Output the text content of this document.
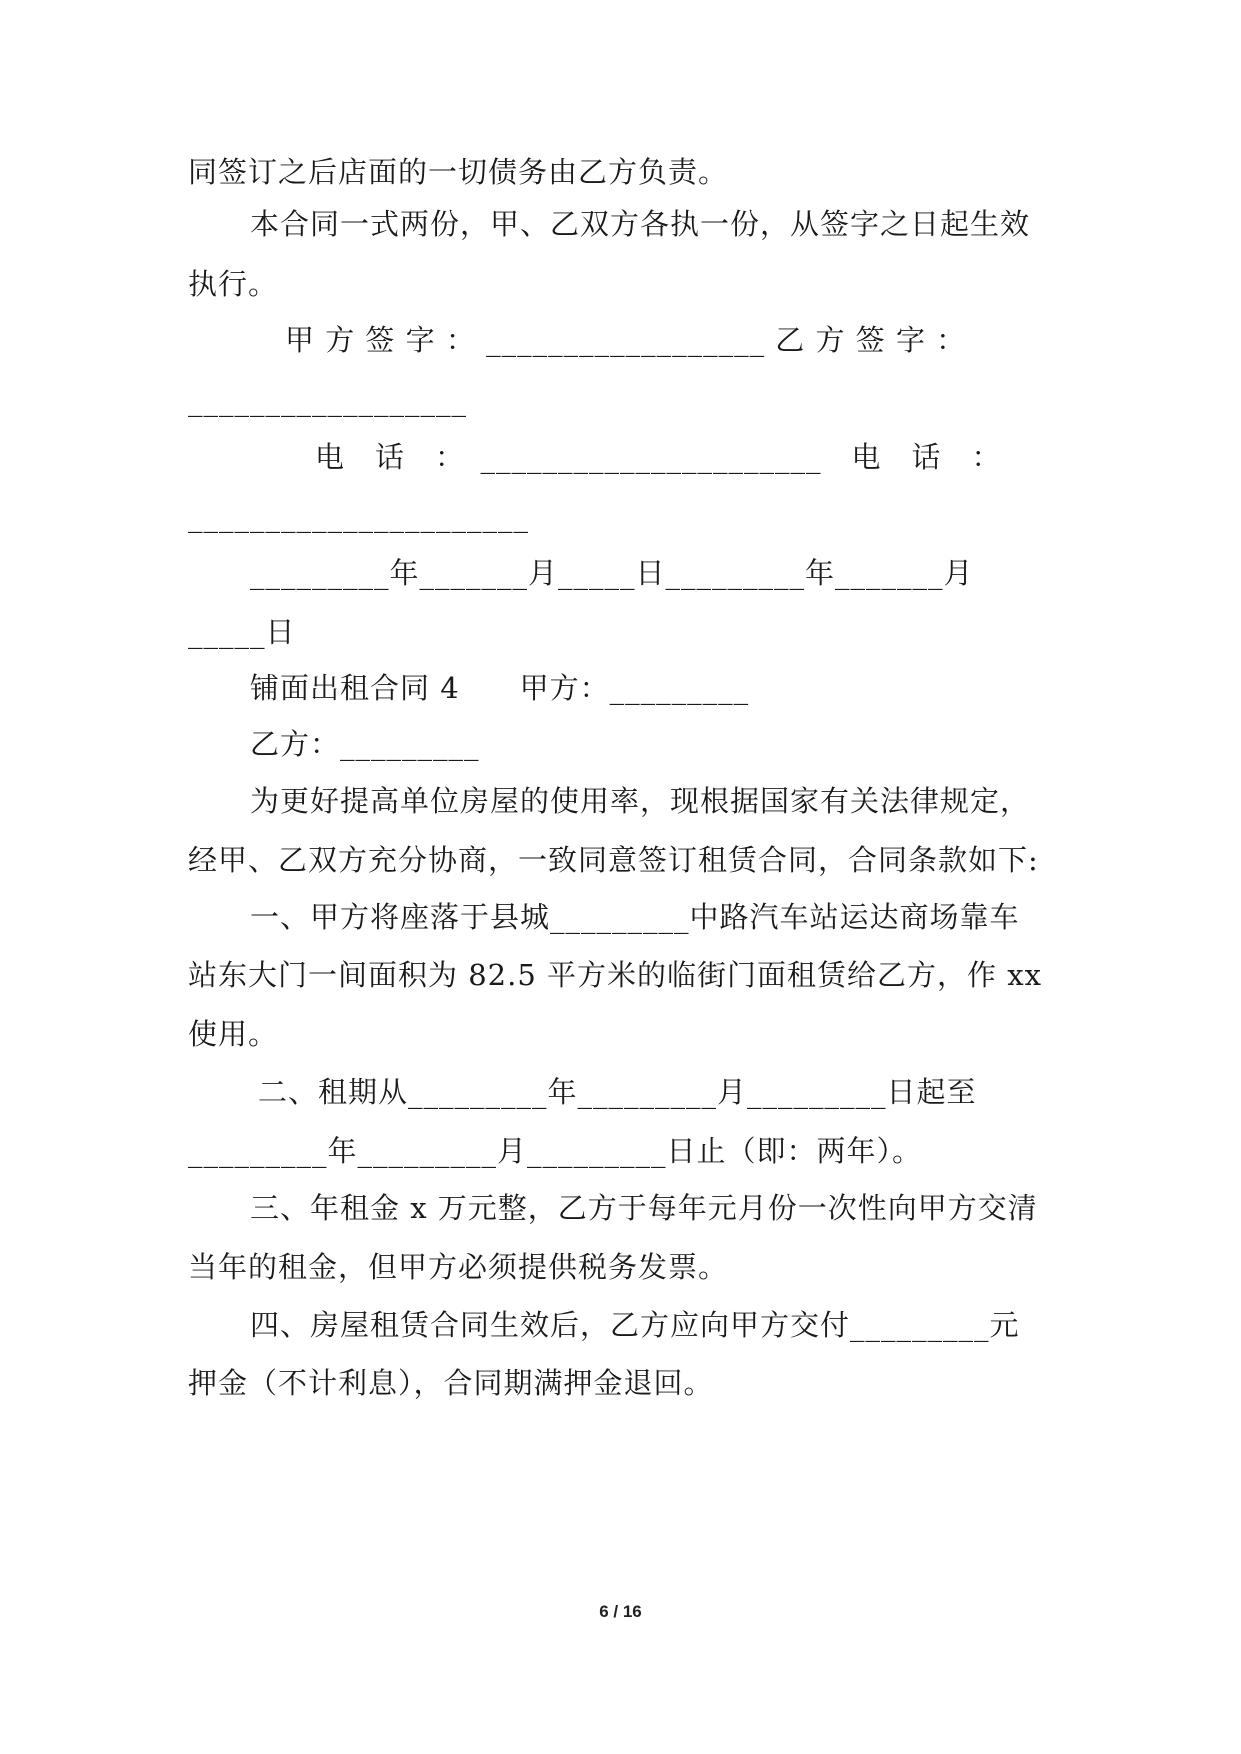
同签订之后店面的一切债务由乙方负责。
本合同一式两份，甲、乙双方各执一份，从签字之日起生效
执行。
甲 方 签 字 ： __________________ 乙 方 签 字 ：
__________________
电　话　：　______________________　电　话　：
______________________
_________年_______月_____日_________年_______月
_____日
铺面出租合同 4　　甲方：_________
乙方：_________
为更好提高单位房屋的使用率，现根据国家有关法律规定，
经甲、乙双方充分协商，一致同意签订租赁合同，合同条款如下:
一、甲方将座落于县城_________中路汽车站运达商场靠车
站东大门一间面积为 82.5 平方米的临街门面租赁给乙方，作 xx
使用。
二、租期从_________年_________月_________日起至
_________年_________月_________日止（即：两年）。
三、年租金 x 万元整，乙方于每年元月份一次性向甲方交清
当年的租金，但甲方必须提供税务发票。
四、房屋租赁合同生效后，乙方应向甲方交付_________元
押金（不计利息），合同期满押金退回。
6 / 16
